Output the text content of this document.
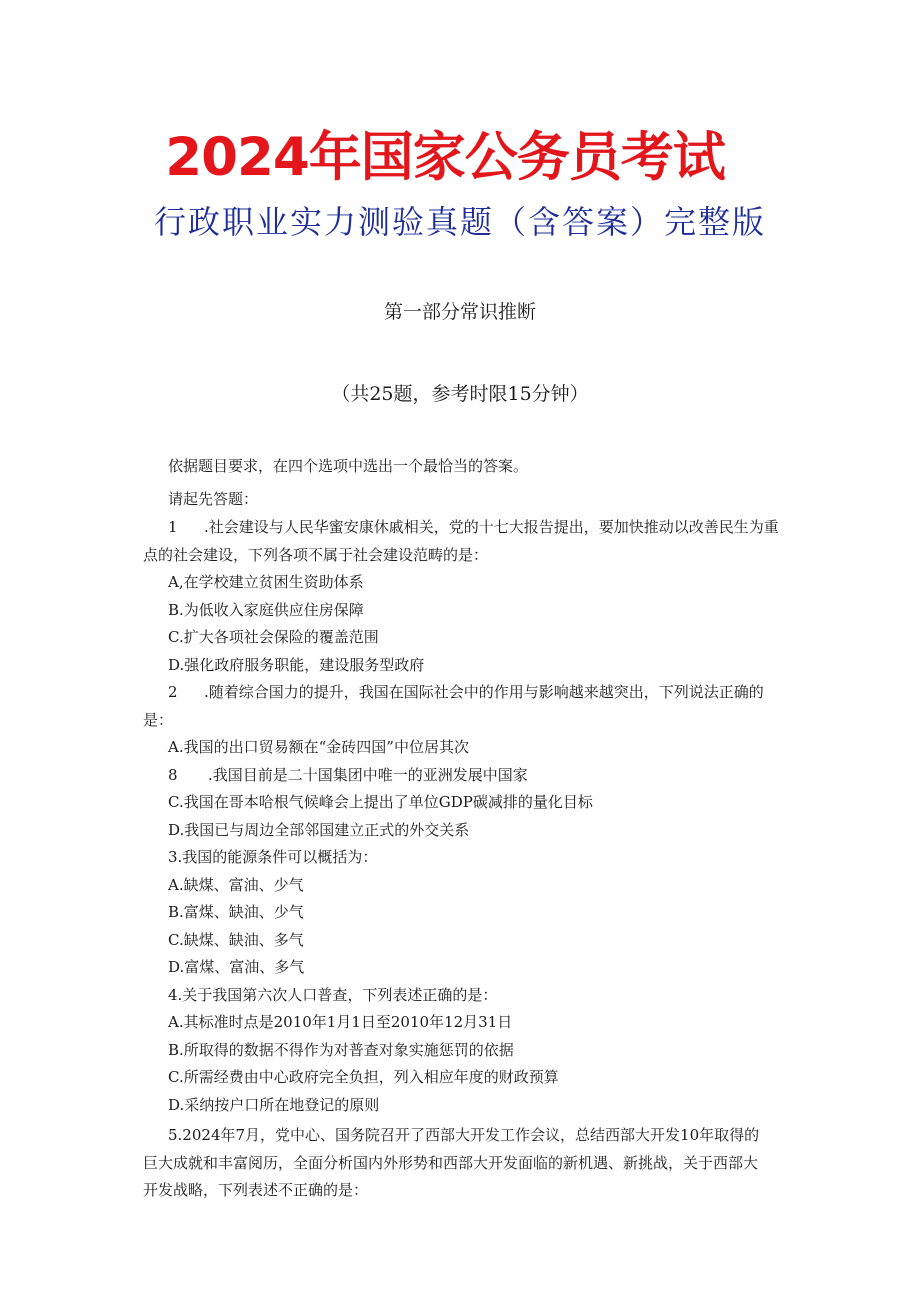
2024年国家公务员考试
行政职业实力测验真题（含答案）完整版
第一部分常识推断
（共25题，参考时限15分钟）

依据题目要求，在四个选项中选出一个最恰当的答案。

请起先答题：

1 .社会建设与人民华蜜安康休戚相关，党的十七大报告提出，要加快推动以改善民生为重

点的社会建设，下列各项不属于社会建设范畴的是：

A,在学校建立贫困生资助体系

B.为低收入家庭供应住房保障

C.扩大各项社会保险的覆盖范围

D.强化政府服务职能，建设服务型政府

2 .随着综合国力的提升，我国在国际社会中的作用与影响越来越突出，下列说法正确的

是：

A.我国的出口贸易额在“金砖四国”中位居其次

8 .我国目前是二十国集团中唯一的亚洲发展中国家

C.我国在哥本哈根气候峰会上提出了单位GDP碳减排的量化目标

D.我国已与周边全部邻国建立正式的外交关系

3.我国的能源条件可以概括为：

A.缺煤、富油、少气

B.富煤、缺油、少气

C.缺煤、缺油、多气

D.富煤、富油、多气

4.关于我国第六次人口普查，下列表述正确的是：

A.其标准时点是2010年1月1日至2010年12月31日

B.所取得的数据不得作为对普查对象实施惩罚的依据

C.所需经费由中心政府完全负担，列入相应年度的财政预算

D.采纳按户口所在地登记的原则

5.2024年7月，党中心、国务院召开了西部大开发工作会议，总结西部大开发10年取得的

巨大成就和丰富阅历，全面分析国内外形势和西部大开发面临的新机遇、新挑战，关于西部大

开发战略，下列表述不正确的是：
